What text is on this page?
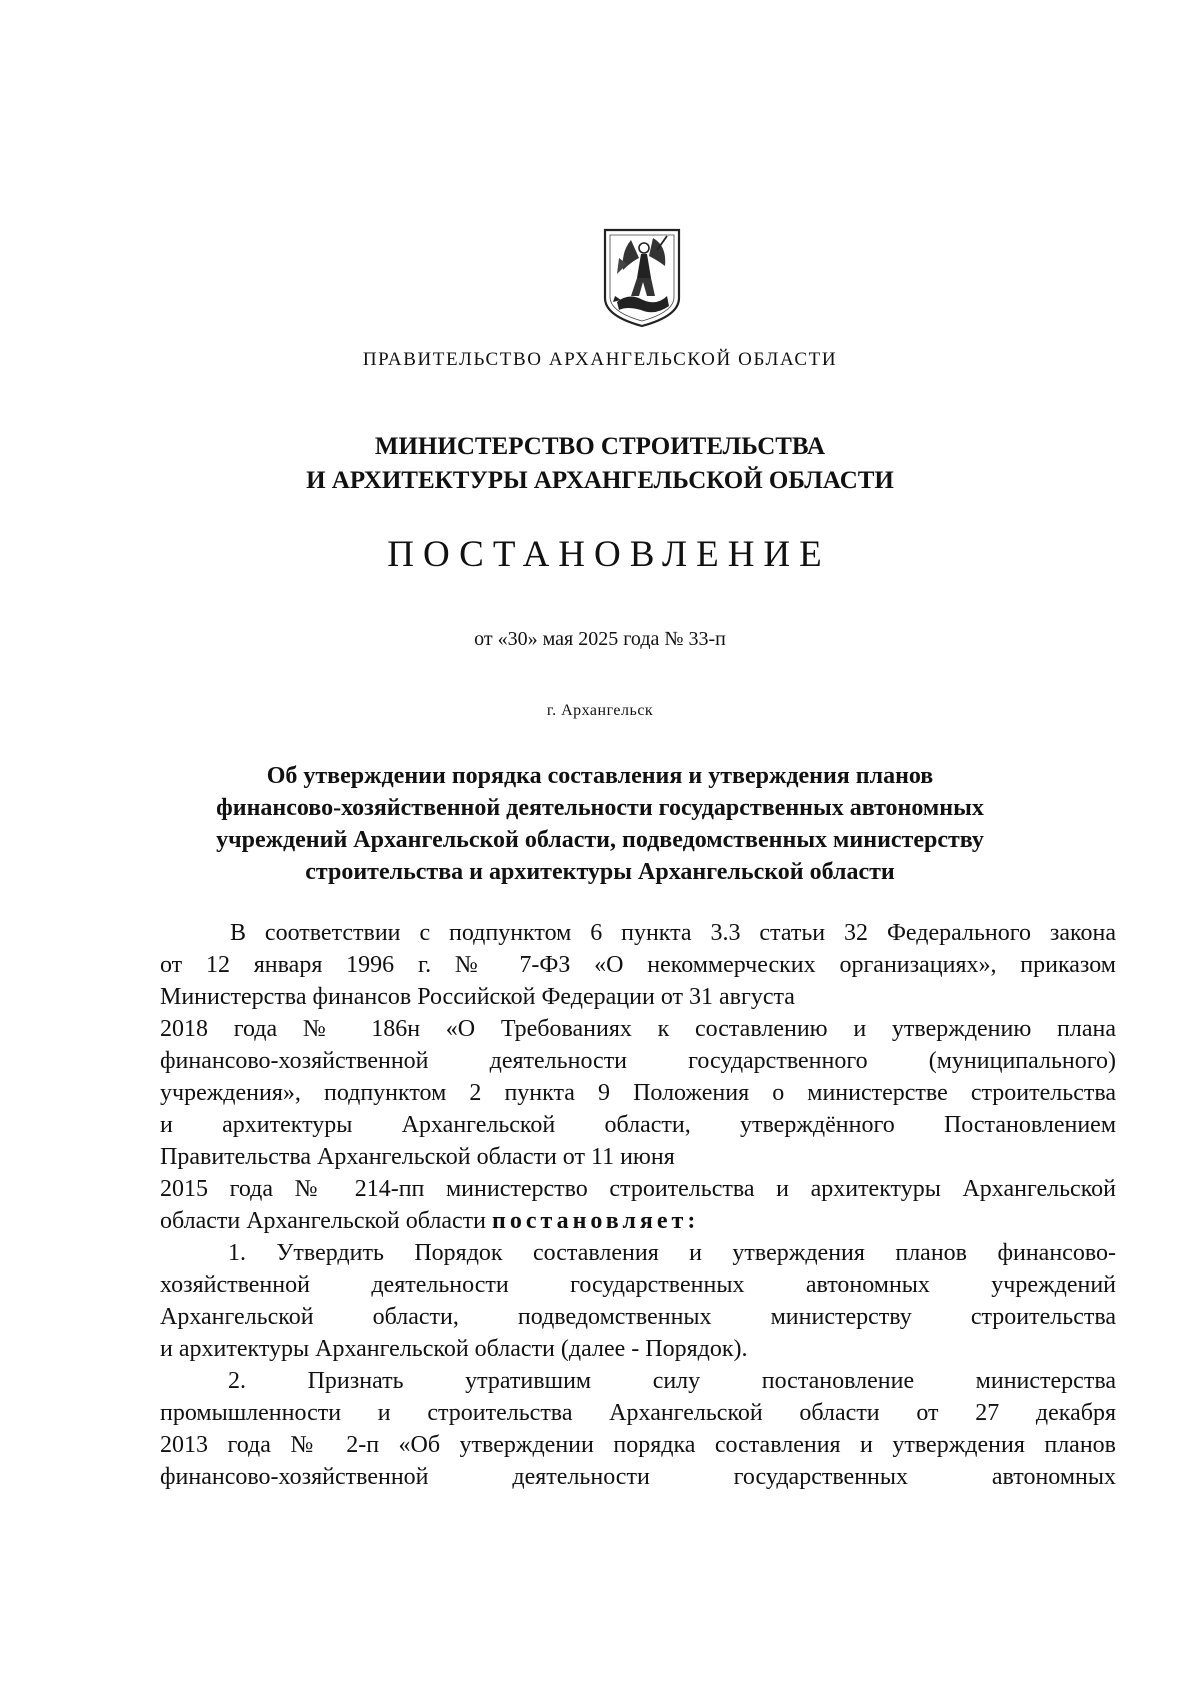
ПРАВИТЕЛЬСТВО АРХАНГЕЛЬСКОЙ ОБЛАСТИ
МИНИСТЕРСТВО СТРОИТЕЛЬСТВА
И АРХИТЕКТУРЫ АРХАНГЕЛЬСКОЙ ОБЛАСТИ
ПОСТАНОВЛЕНИЕ
от «30» мая 2025 года № 33-п
г. Архангельск
Об утверждении порядка составления и утверждения планов
финансово-хозяйственной деятельности государственных автономных
учреждений Архангельской области, подведомственных министерству
строительства и архитектуры Архангельской области
В соответствии с подпунктом 6 пункта 3.3 статьи 32 Федерального закона
от 12 января 1996 г. № 7-ФЗ «О некоммерческих организациях», приказом
Министерства финансов Российской Федерации от 31 августа
2018 года № 186н «О Требованиях к составлению и утверждению плана
финансово-хозяйственной деятельности государственного (муниципального)
учреждения», подпунктом 2 пункта 9 Положения о министерстве строительства
и архитектуры Архангельской области, утверждённого Постановлением
Правительства Архангельской области от 11 июня
2015 года № 214-пп министерство строительства и архитектуры Архангельской
области Архангельской области постановляет:
1. Утвердить Порядок составления и утверждения планов финансово-
хозяйственной деятельности государственных автономных учреждений
Архангельской области, подведомственных министерству строительства
и архитектуры Архангельской области (далее - Порядок).
2. Признать утратившим силу постановление министерства
промышленности и строительства Архангельской области от 27 декабря
2013 года № 2-п «Об утверждении порядка составления и утверждения планов
финансово-хозяйственной деятельности государственных автономных
